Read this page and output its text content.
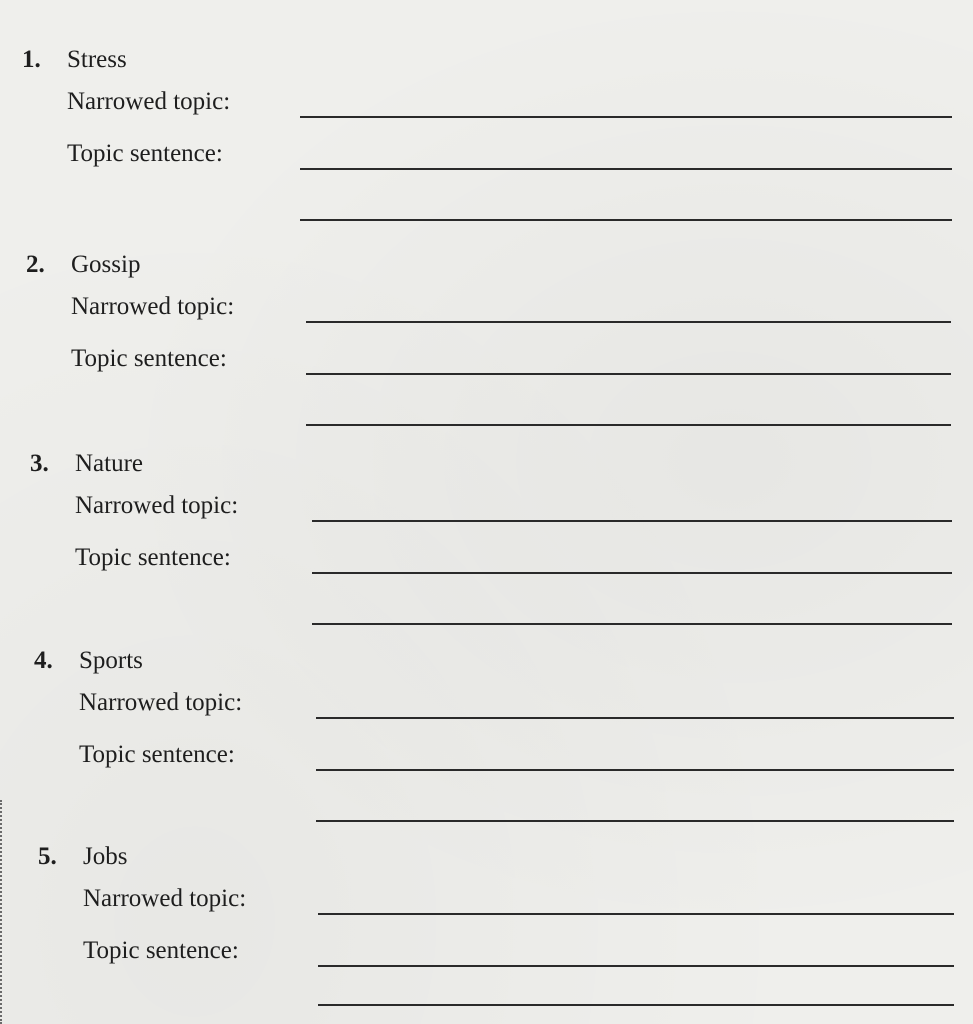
1. Stress
Narrowed topic:
Topic sentence:
2. Gossip
Narrowed topic:
Topic sentence:
3. Nature
Narrowed topic:
Topic sentence:
4. Sports
Narrowed topic:
Topic sentence:
5. Jobs
Narrowed topic:
Topic sentence:
